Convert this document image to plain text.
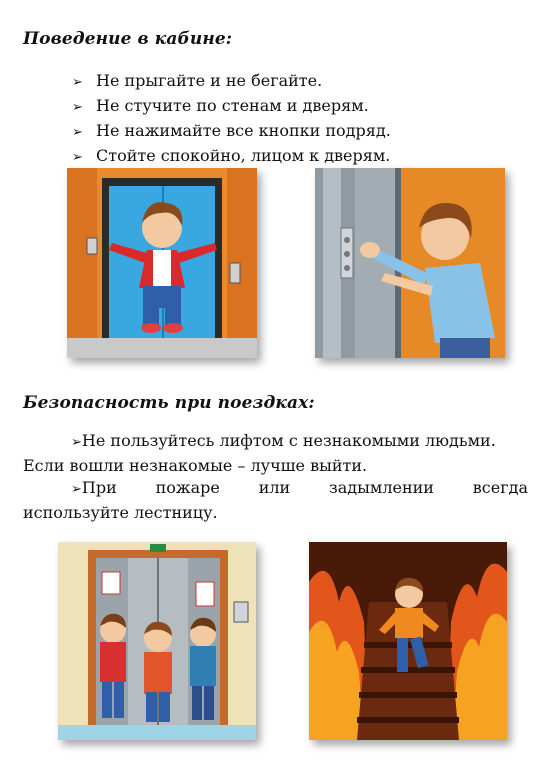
Поведение в кабине:
➢ Не прыгайте и не бегайте.
➢ Не стучите по стенам и дверям.
➢ Не нажимайте все кнопки подряд.
➢ Стойте спокойно, лицом к дверям.
Безопасность при поездках:
➢Не пользуйтесь лифтом с незнакомыми людьми.
Если вошли незнакомые – лучше выйти.
➢При пожаре или задымлении всегда
используйте лестницу.
